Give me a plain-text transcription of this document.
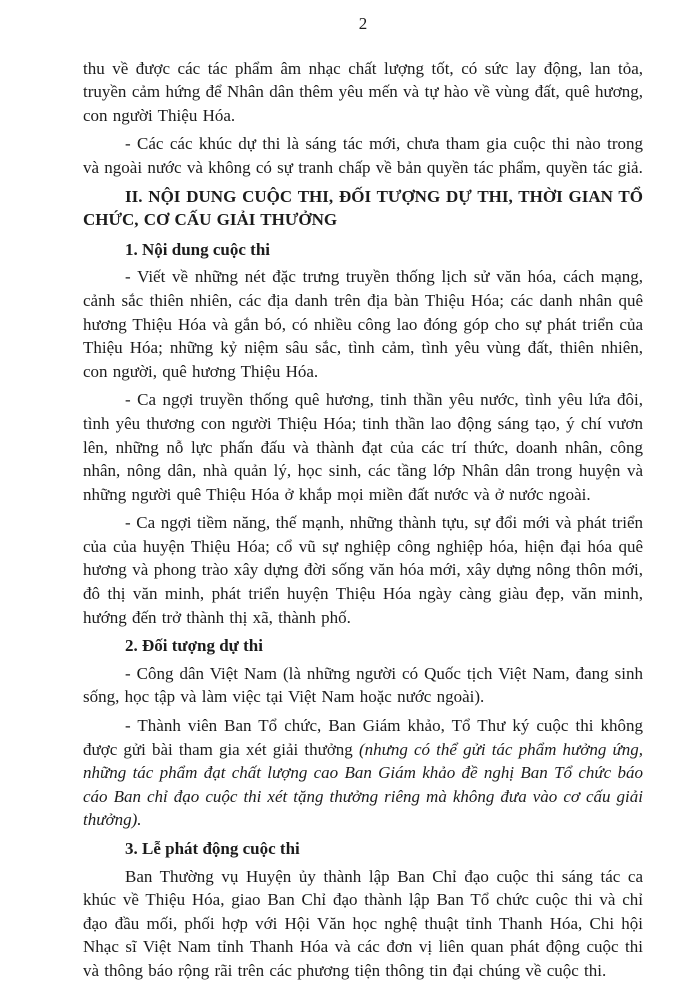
2

thu về được các tác phẩm âm nhạc chất lượng tốt, có sức lay động, lan tỏa, truyền cảm hứng để Nhân dân thêm yêu mến và tự hào về vùng đất, quê hương, con người Thiệu Hóa.

- Các các khúc dự thi là sáng tác mới, chưa tham gia cuộc thi nào trong và ngoài nước và không có sự tranh chấp về bản quyền tác phẩm, quyền tác giả.

II. NỘI DUNG CUỘC THI, ĐỐI TƯỢNG DỰ THI, THỜI GIAN TỔ CHỨC, CƠ CẤU GIẢI THƯỞNG
1. Nội dung cuộc thi

- Viết về những nét đặc trưng truyền thống lịch sử văn hóa, cách mạng, cảnh sắc thiên nhiên, các địa danh trên địa bàn Thiệu Hóa; các danh nhân quê hương Thiệu Hóa và gắn bó, có nhiều công lao đóng góp cho sự phát triển của Thiệu Hóa; những kỷ niệm sâu sắc, tình cảm, tình yêu vùng đất, thiên nhiên, con người, quê hương Thiệu Hóa.

- Ca ngợi truyền thống quê hương, tinh thần yêu nước, tình yêu lứa đôi, tình yêu thương con người Thiệu Hóa; tinh thần lao động sáng tạo, ý chí vươn lên, những nỗ lực phấn đấu và thành đạt của các trí thức, doanh nhân, công nhân, nông dân, nhà quản lý, học sinh, các tầng lớp Nhân dân trong huyện và những người quê Thiệu Hóa ở khắp mọi miền đất nước và ở nước ngoài.

- Ca ngợi tiềm năng, thế mạnh, những thành tựu, sự đổi mới và phát triển của của huyện Thiệu Hóa; cổ vũ sự nghiệp công nghiệp hóa, hiện đại hóa quê hương và phong trào xây dựng đời sống văn hóa mới, xây dựng nông thôn mới, đô thị văn minh, phát triển huyện Thiệu Hóa ngày càng giàu đẹp, văn minh, hướng đến trở thành thị xã, thành phố.

2. Đối tượng dự thi

- Công dân Việt Nam (là những người có Quốc tịch Việt Nam, đang sinh sống, học tập và làm việc tại Việt Nam hoặc nước ngoài).

- Thành viên Ban Tổ chức, Ban Giám khảo, Tổ Thư ký cuộc thi không được gửi bài tham gia xét giải thưởng (nhưng có thể gửi tác phẩm hưởng ứng, những tác phẩm đạt chất lượng cao Ban Giám khảo đề nghị Ban Tổ chức báo cáo Ban chỉ đạo cuộc thi xét tặng thưởng riêng mà không đưa vào cơ cấu giải thưởng).

3. Lễ phát động cuộc thi

Ban Thường vụ Huyện ủy thành lập Ban Chỉ đạo cuộc thi sáng tác ca khúc về Thiệu Hóa, giao Ban Chỉ đạo thành lập Ban Tổ chức cuộc thi và chỉ đạo đầu mối, phối hợp với Hội Văn học nghệ thuật tỉnh Thanh Hóa, Chi hội Nhạc sĩ Việt Nam tỉnh Thanh Hóa và các đơn vị liên quan phát động cuộc thi và thông báo rộng rãi trên các phương tiện thông tin đại chúng về cuộc thi.
